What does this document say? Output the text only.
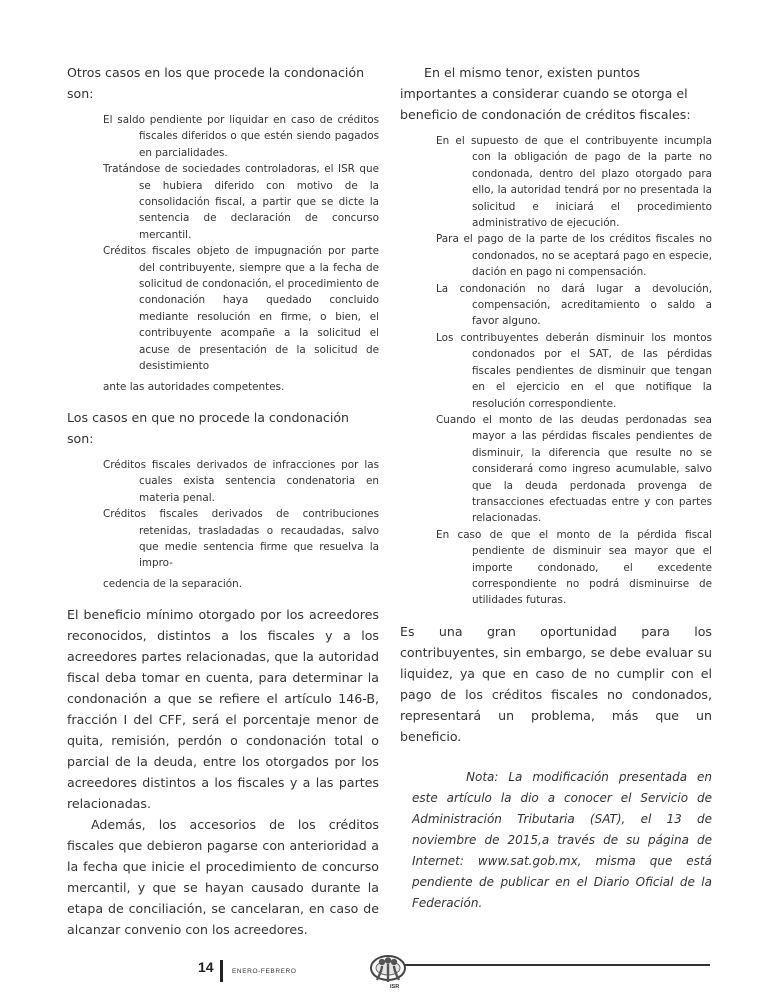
Otros casos en los que procede la condonación son:

El saldo pendiente por liquidar en caso de créditos fiscales diferidos o que estén siendo pagados en parcialidades.
Tratándose de sociedades controladoras, el ISR que se hubiera diferido con motivo de la consolidación fiscal, a partir que se dicte la sentencia de declaración de concurso mercantil.
Créditos fiscales objeto de impugnación por parte del contribuyente, siempre que a la fecha de solicitud de condonación, el procedimiento de condonación haya quedado concluido mediante resolución en firme, o bien, el contribuyente acompañe a la solicitud el acuse de presentación de la solicitud de desistimiento
ante las autoridades competentes.

Los casos en que no procede la condonación son:

Créditos fiscales derivados de infracciones por las cuales exista sentencia condenatoria en materia penal.
Créditos fiscales derivados de contribuciones retenidas, trasladadas o recaudadas, salvo que medie sentencia firme que resuelva la impro-
cedencia de la separación.

El beneficio mínimo otorgado por los acreedores reconocidos, distintos a los fiscales y a los acreedores partes relacionadas, que la autoridad fiscal deba tomar en cuenta, para determinar la condonación a que se refiere el artículo 146-B, fracción I del CFF, será el porcentaje menor de quita, remisión, perdón o condonación total o parcial de la deuda, entre los otorgados por los acreedores distintos a los fiscales y a las partes relacionadas.

Además, los accesorios de los créditos fiscales que debieron pagarse con anterioridad a la fecha que inicie el procedimiento de concurso mercantil, y que se hayan causado durante la etapa de conciliación, se cancelaran, en caso de alcanzar convenio con los acreedores.

En el mismo tenor, existen puntos importantes a considerar cuando se otorga el beneficio de condonación de créditos fiscales:

En el supuesto de que el contribuyente incumpla con la obligación de pago de la parte no condonada, dentro del plazo otorgado para ello, la autoridad tendrá por no presentada la solicitud e iniciará el procedimiento administrativo de ejecución.
Para el pago de la parte de los créditos fiscales no condonados, no se aceptará pago en especie, dación en pago ni compensación.
La condonación no dará lugar a devolución, compensación, acreditamiento o saldo a favor alguno.
Los contribuyentes deberán disminuir los montos condonados por el SAT, de las pérdidas fiscales pendientes de disminuir que tengan en el ejercicio en el que notifique la resolución correspondiente.
Cuando el monto de las deudas perdonadas sea mayor a las pérdidas fiscales pendientes de disminuir, la diferencia que resulte no se considerará como ingreso acumulable, salvo que la deuda perdonada provenga de transacciones efectuadas entre y con partes relacionadas.
En caso de que el monto de la pérdida fiscal pendiente de disminuir sea mayor que el importe condonado, el excedente correspondiente no podrá disminuirse de utilidades futuras.

Es una gran oportunidad para los contribuyentes, sin embargo, se debe evaluar su liquidez, ya que en caso de no cumplir con el pago de los créditos fiscales no condonados, representará un problema, más que un beneficio.

Nota: La modificación presentada en este artículo la dio a conocer el Servicio de Administración Tributaria (SAT), el 13 de noviembre de 2015,a través de su página de Internet: www.sat.gob.mx, misma que está pendiente de publicar en el Diario Oficial de la Federación.

14	ENERO-FEBRERO
ISR
